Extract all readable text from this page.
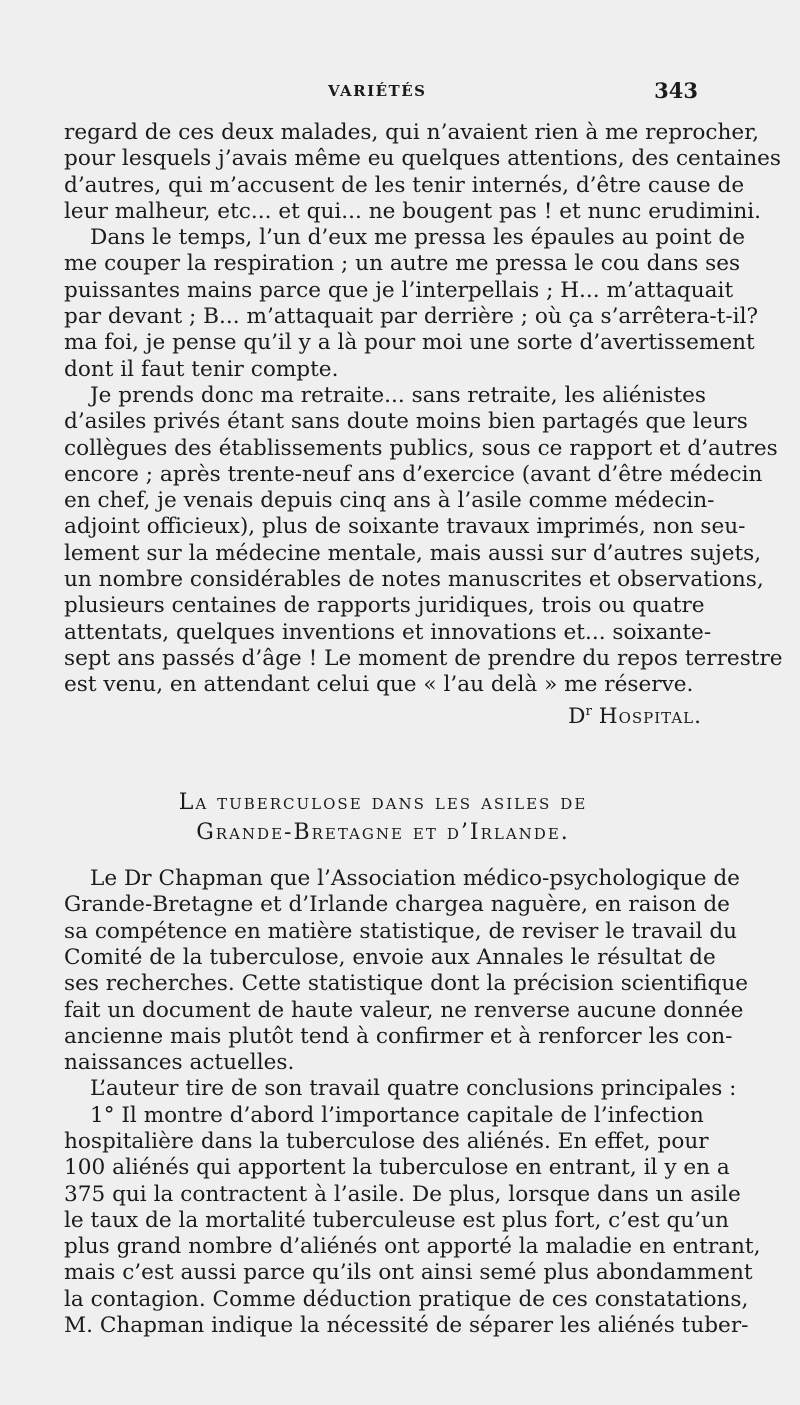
VARIÉTÉS	343
regard de ces deux malades, qui n’avaient rien à me reprocher,
pour lesquels j’avais même eu quelques attentions, des centaines
d’autres, qui m’accusent de les tenir internés, d’être cause de
leur malheur, etc... et qui... ne bougent pas ! et nunc erudimini.
Dans le temps, l’un d’eux me pressa les épaules au point de
me couper la respiration ; un autre me pressa le cou dans ses
puissantes mains parce que je l’interpellais ; H... m’attaquait
par devant ; B... m’attaquait par derrière ; où ça s’arrêtera-t-il?
ma foi, je pense qu’il y a là pour moi une sorte d’avertissement
dont il faut tenir compte.
Je prends donc ma retraite... sans retraite, les aliénistes
d’asiles privés étant sans doute moins bien partagés que leurs
collègues des établissements publics, sous ce rapport et d’autres
encore ; après trente-neuf ans d’exercice (avant d’être médecin
en chef, je venais depuis cinq ans à l’asile comme médecin-
adjoint officieux), plus de soixante travaux imprimés, non seu-
lement sur la médecine mentale, mais aussi sur d’autres sujets,
un nombre considérables de notes manuscrites et observations,
plusieurs centaines de rapports juridiques, trois ou quatre
attentats, quelques inventions et innovations et... soixante-
sept ans passés d’âge ! Le moment de prendre du repos terrestre
est venu, en attendant celui que « l’au delà » me réserve.
$D^r$ Hospital.
La tuberculose dans les asiles de
Grande-Bretagne et d’Irlande.
Le Dr Chapman que l’Association médico-psychologique de
Grande-Bretagne et d’Irlande chargea naguère, en raison de
sa compétence en matière statistique, de reviser le travail du
Comité de la tuberculose, envoie aux Annales le résultat de
ses recherches. Cette statistique dont la précision scientifique
fait un document de haute valeur, ne renverse aucune donnée
ancienne mais plutôt tend à confirmer et à renforcer les con-
naissances actuelles.
L’auteur tire de son travail quatre conclusions principales :
1° Il montre d’abord l’importance capitale de l’infection
hospitalière dans la tuberculose des aliénés. En effet, pour
100 aliénés qui apportent la tuberculose en entrant, il y en a
375 qui la contractent à l’asile. De plus, lorsque dans un asile
le taux de la mortalité tuberculeuse est plus fort, c’est qu’un
plus grand nombre d’aliénés ont apporté la maladie en entrant,
mais c’est aussi parce qu’ils ont ainsi semé plus abondamment
la contagion. Comme déduction pratique de ces constatations,
M. Chapman indique la nécessité de séparer les aliénés tuber-
